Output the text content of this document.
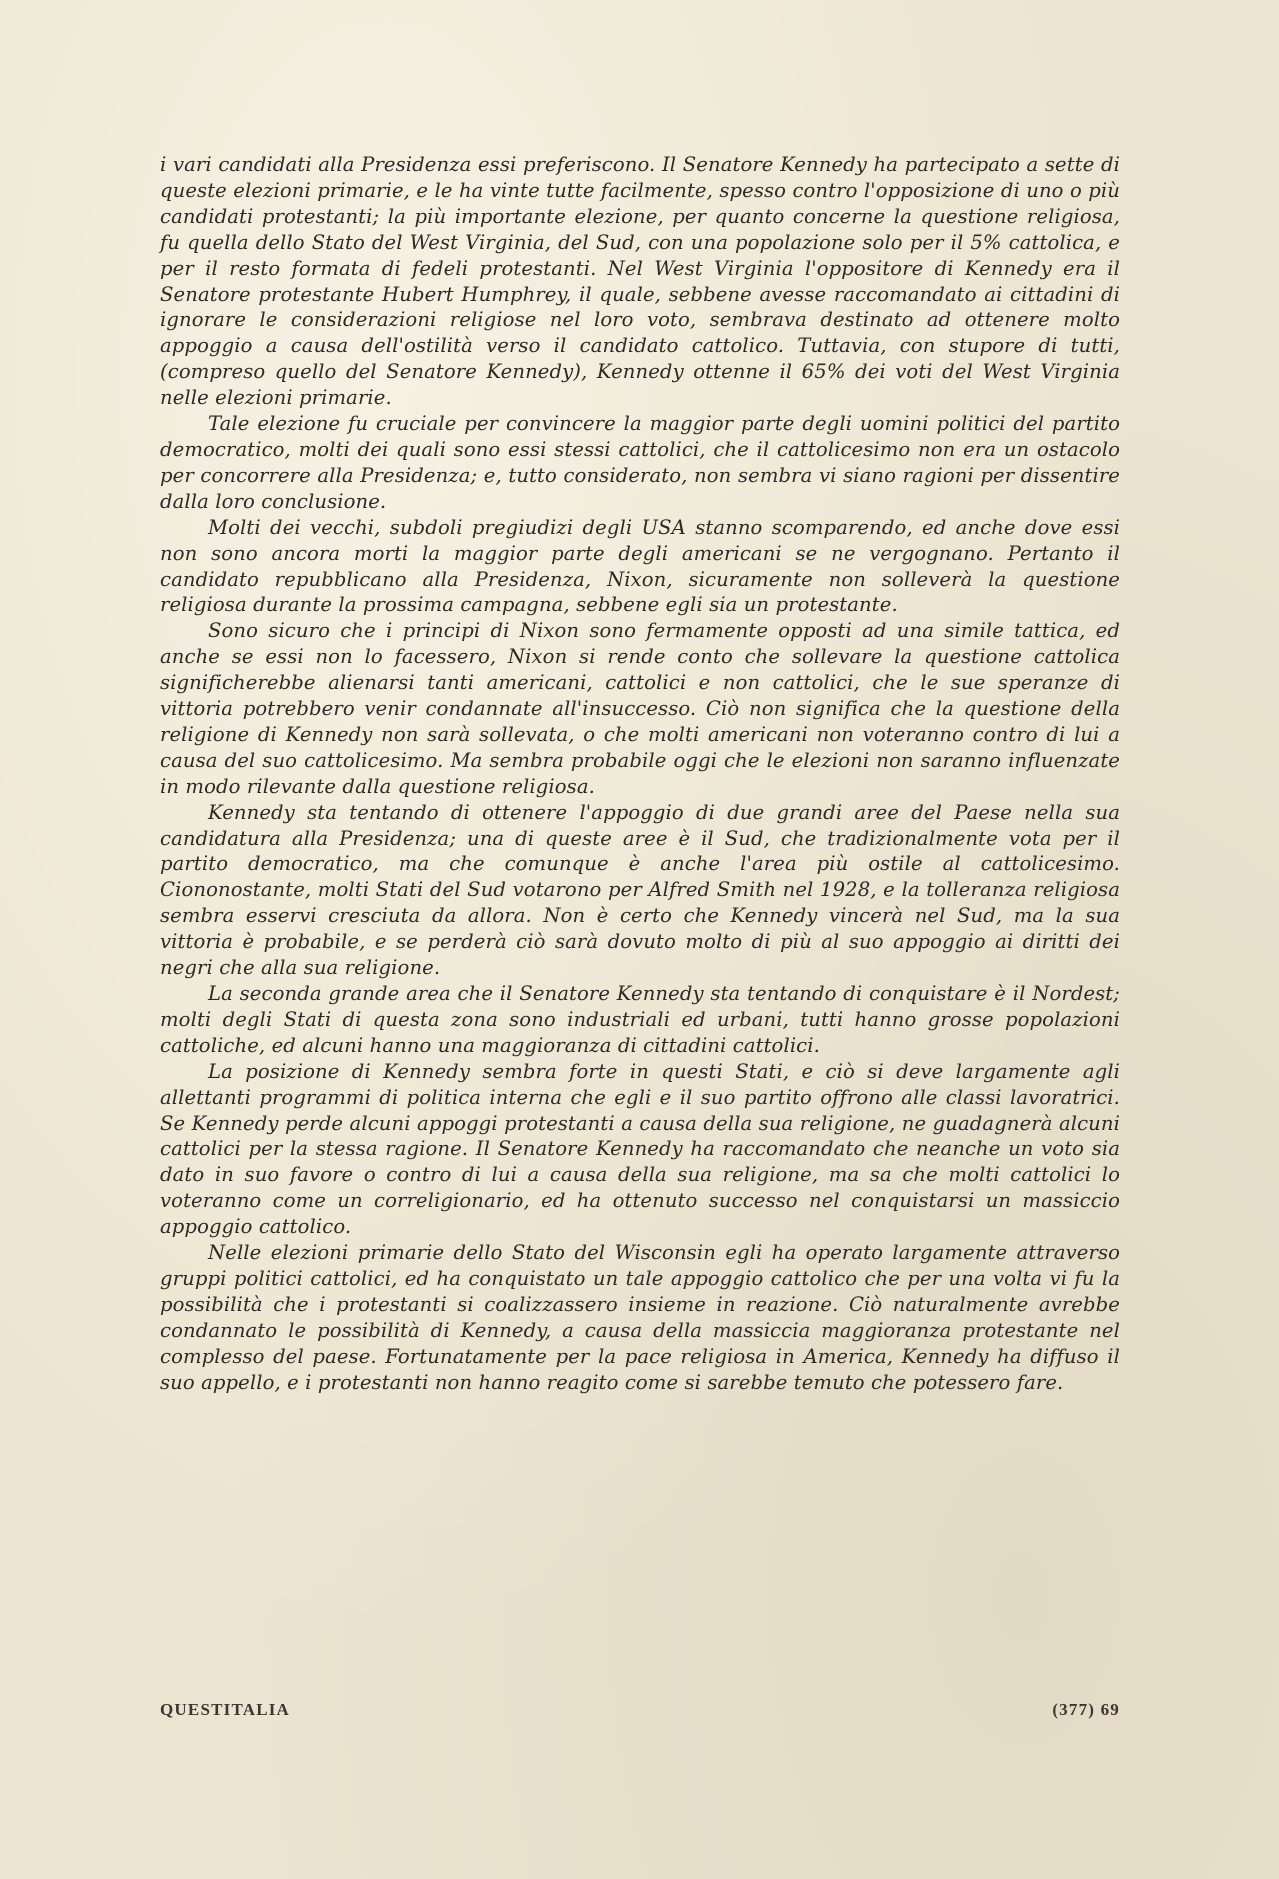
i vari candidati alla Presidenza essi preferiscono. Il Senatore Kennedy ha partecipato a sette di queste elezioni primarie, e le ha vinte tutte facilmente, spesso contro l'opposizione di uno o più candidati protestanti; la più importante elezione, per quanto concerne la questione religiosa, fu quella dello Stato del West Virginia, del Sud, con una popolazione solo per il 5% cattolica, e per il resto formata di fedeli protestanti. Nel West Virginia l'oppositore di Kennedy era il Senatore protestante Hubert Humphrey, il quale, sebbene avesse raccomandato ai cittadini di ignorare le considerazioni religiose nel loro voto, sembrava destinato ad ottenere molto appoggio a causa dell'ostilità verso il candidato cattolico. Tuttavia, con stupore di tutti, (compreso quello del Senatore Kennedy), Kennedy ottenne il 65% dei voti del West Virginia nelle elezioni primarie.

Tale elezione fu cruciale per convincere la maggior parte degli uomini politici del partito democratico, molti dei quali sono essi stessi cattolici, che il cattolicesimo non era un ostacolo per concorrere alla Presidenza; e, tutto considerato, non sembra vi siano ragioni per dissentire dalla loro conclusione.

Molti dei vecchi, subdoli pregiudizi degli USA stanno scomparendo, ed anche dove essi non sono ancora morti la maggior parte degli americani se ne vergognano. Pertanto il candidato repubblicano alla Presidenza, Nixon, sicuramente non solleverà la questione religiosa durante la prossima campagna, sebbene egli sia un protestante.

Sono sicuro che i principi di Nixon sono fermamente opposti ad una simile tattica, ed anche se essi non lo facessero, Nixon si rende conto che sollevare la questione cattolica significherebbe alienarsi tanti americani, cattolici e non cattolici, che le sue speranze di vittoria potrebbero venir condannate all'insuccesso. Ciò non significa che la questione della religione di Kennedy non sarà sollevata, o che molti americani non voteranno contro di lui a causa del suo cattolicesimo. Ma sembra probabile oggi che le elezioni non saranno influenzate in modo rilevante dalla questione religiosa.

Kennedy sta tentando di ottenere l'appoggio di due grandi aree del Paese nella sua candidatura alla Presidenza; una di queste aree è il Sud, che tradizionalmente vota per il partito democratico, ma che comunque è anche l'area più ostile al cattolicesimo. Ciononostante, molti Stati del Sud votarono per Alfred Smith nel 1928, e la tolleranza religiosa sembra esservi cresciuta da allora. Non è certo che Kennedy vincerà nel Sud, ma la sua vittoria è probabile, e se perderà ciò sarà dovuto molto di più al suo appoggio ai diritti dei negri che alla sua religione.

La seconda grande area che il Senatore Kennedy sta tentando di conquistare è il Nordest; molti degli Stati di questa zona sono industriali ed urbani, tutti hanno grosse popolazioni cattoliche, ed alcuni hanno una maggioranza di cittadini cattolici.

La posizione di Kennedy sembra forte in questi Stati, e ciò si deve largamente agli allettanti programmi di politica interna che egli e il suo partito offrono alle classi lavoratrici. Se Kennedy perde alcuni appoggi protestanti a causa della sua religione, ne guadagnerà alcuni cattolici per la stessa ragione. Il Senatore Kennedy ha raccomandato che neanche un voto sia dato in suo favore o contro di lui a causa della sua religione, ma sa che molti cattolici lo voteranno come un correligionario, ed ha ottenuto successo nel conquistarsi un massiccio appoggio cattolico.

Nelle elezioni primarie dello Stato del Wisconsin egli ha operato largamente attraverso gruppi politici cattolici, ed ha conquistato un tale appoggio cattolico che per una volta vi fu la possibilità che i protestanti si coalizzassero insieme in reazione. Ciò naturalmente avrebbe condannato le possibilità di Kennedy, a causa della massiccia maggioranza protestante nel complesso del paese. Fortunatamente per la pace religiosa in America, Kennedy ha diffuso il suo appello, e i protestanti non hanno reagito come si sarebbe temuto che potessero fare.

QUESTITALIA	(377) 69
